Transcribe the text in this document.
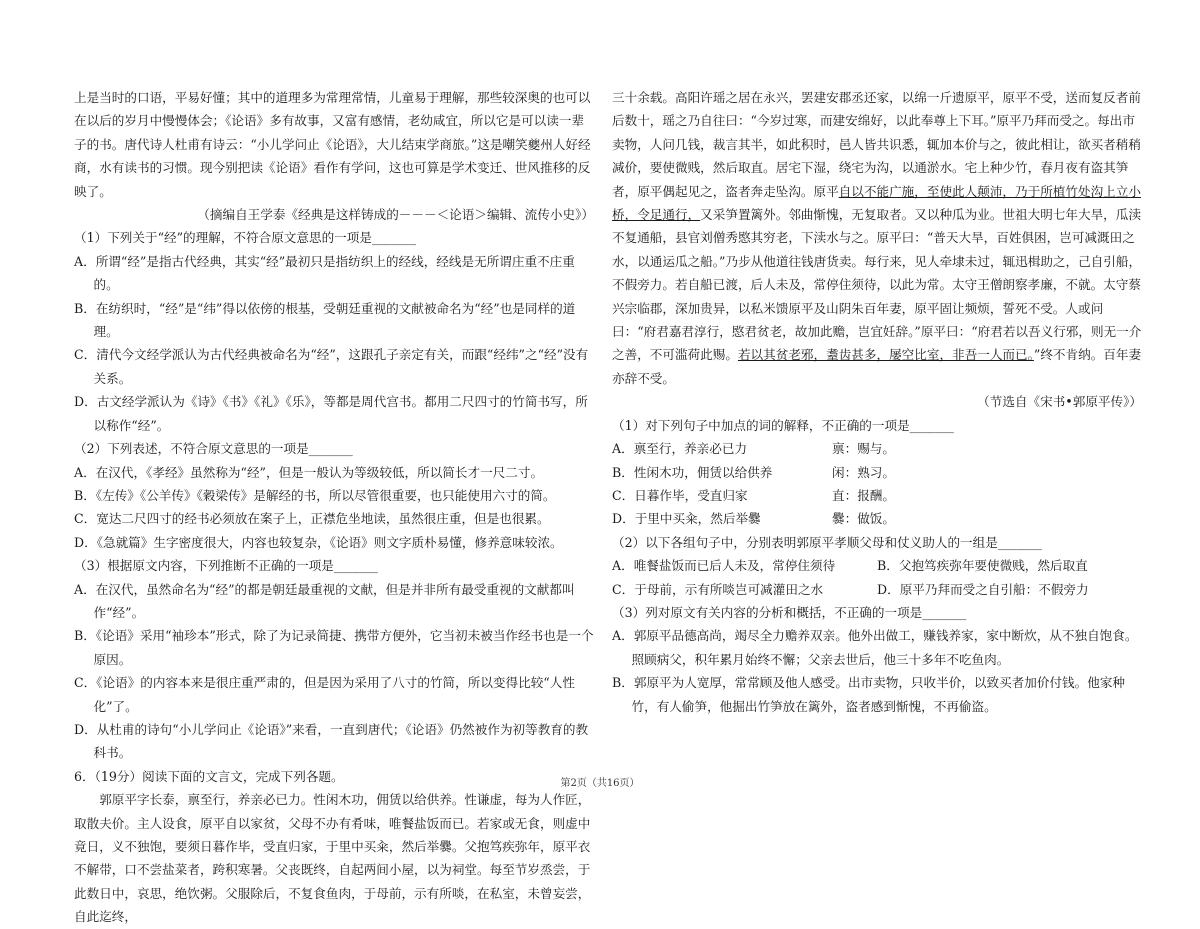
上是当时的口语，平易好懂；其中的道理多为常理常情，儿童易于理解，那些较深奥的也可以在以后的岁月中慢慢体会；《论语》多有故事，又富有感情，老幼咸宜，所以它是可以读一辈子的书。唐代诗人杜甫有诗云：“小儿学问止《论语》，大儿结束学商旅。”这是嘲笑夔州人好经商，水有读书的习惯。现今别把读《论语》看作有学问，这也可算是学术变迁、世风推移的反映了。

（摘编自王学泰《经典是这样铸成的－－－＜论语＞编辑、流传小史》）

（1）下列关于“经”的理解，不符合原文意思的一项是_______

A．所谓“经”是指古代经典，其实“经”最初只是指纺织上的经线，经线是无所谓庄重不庄重的。

B．在纺织时，“经”是“纬”得以依傍的根基，受朝廷重视的文献被命名为“经”也是同样的道理。

C．清代今文经学派认为古代经典被命名为“经”，这跟孔子亲定有关，而跟“经纬”之“经”没有关系。

D．古文经学派认为《诗》《书》《礼》《乐》，等都是周代宫书。都用二尺四寸的竹简书写，所以称作“经”。

（2）下列表述，不符合原文意思的一项是_______

A．在汉代，《孝经》虽然称为“经”，但是一般认为等级较低，所以简长才一尺二寸。

B．《左传》《公羊传》《穀梁传》是解经的书，所以尽管很重要，也只能使用六寸的简。

C．宽达二尺四寸的经书必须放在案子上，正襟危坐地读，虽然很庄重，但是也很累。

D．《急就篇》生字密度很大，内容也较复杂，《论语》则文字质朴易懂，修养意味较浓。

（3）根据原文内容，下列推断不正确的一项是_______

A．在汉代，虽然命名为“经”的都是朝廷最重视的文献，但是并非所有最受重视的文献都叫作“经”。

B．《论语》采用“袖珍本”形式，除了为记录简捷、携带方便外，它当初未被当作经书也是一个原因。

C．《论语》的内容本来是很庄重严肃的，但是因为采用了八寸的竹简，所以变得比较“人性化”了。

D．从杜甫的诗句“小儿学问止《论语》”来看，一直到唐代；《论语》仍然被作为初等教育的教科书。

6．（19分）阅读下面的文言文，完成下列各题。

郭原平字长泰，禀至行，养亲必已力。性闲木功，佣赁以给供养。性谦虚，每为人作匠，取散夫价。主人设食，原平自以家贫，父母不办有肴味，唯餐盐饭而已。若家或无食，则虚中竟日，义不独饱，要须日暮作毕，受直归家，于里中买籴，然后举爨。父抱笃疾弥年，原平衣不解带，口不尝盐菜者，跨积寒暑。父丧既终，自起两间小屋，以为祠堂。每至节岁烝尝，于此数日中，哀思，绝饮粥。父服除后，不复食鱼肉，于母前，示有所啖，在私室，未曾妄尝，自此迄终，

三十余载。高阳许瑶之居在永兴，罢建安郡丞还家，以绵一斤遗原平，原平不受，送而复反者前后数十，瑶之乃自往曰：“今岁过寒，而建安绵好，以此奉尊上下耳。”原平乃拜而受之。每出市卖物，人问几钱，裁言其半，如此积时，邑人皆共识悉，辄加本价与之，彼此相让，欲买者稍稍减价，要使微贱，然后取直。居宅下湿，绕宅为沟，以通淤水。宅上种少竹，春月夜有盗其笋者，原平偶起见之，盗者奔走坠沟。原平自以不能广施，至使此人颠沛，乃于所植竹处沟上立小桥，令足通行，又采笋置篱外。邻曲惭愧，无复取者。又以种瓜为业。世祖大明七年大旱，瓜渎不复通船，县官刘僧秀愍其穷老，下渎水与之。原平曰：“普天大旱，百姓俱困，岂可减溉田之水，以通运瓜之船。”乃步从他道往钱唐货卖。每行来，见人牵埭未过，辄迅楫助之，己自引船，不假旁力。若自船已渡，后人未及，常停住须待，以此为常。太守王僧朗察孝廉，不就。太守蔡兴宗临郡，深加贵异，以私米馈原平及山阴朱百年妻，原平固让频烦，誓死不受。人或问曰：“府君嘉君淳行，愍君贫老，故加此赡，岂宜妊辞。”原平曰：“府君若以吾义行邪，则无一介之善，不可滥荷此赐。若以其贫老邪，耋齿甚多，屡空比室，非吾一人而已。”终不肯纳。百年妻亦辞不受。

（节选自《宋书•郭原平传》）

（1）对下列句子中加点的词的解释，不正确的一项是_______

A．禀至行，养亲必已力	禀：赐与。
B．性闲木功，佣赁以给供养	闲：熟习。
C．日暮作毕，受直归家	直：报酬。
D．于里中买籴，然后举爨	爨：做饭。

（2）以下各组句子中，分别表明郭原平孝顺父母和仗义助人的一组是_______

A．唯餐盐饭而已后人未及，常停住须待	B．父抱笃疾弥年要使微贱，然后取直
C．于母前，示有所啖岂可减灌田之水	D．原平乃拜而受之自引船：不假旁力

（3）列对原文有关内容的分析和概括，不正确的一项是_______

A．郭原平品德高尚，竭尽全力赡养双亲。他外出做工，赚钱养家，家中断炊，从不独自饱食。照顾病父，积年累月始终不懈；父亲去世后，他三十多年不吃鱼肉。

B．郭原平为人宽厚，常常顾及他人感受。出市卖物，只收半价，以致买者加价付钱。他家种竹，有人偷笋，他掘出竹笋放在篱外，盗者感到惭愧，不再偷盗。

第2页（共16页）
